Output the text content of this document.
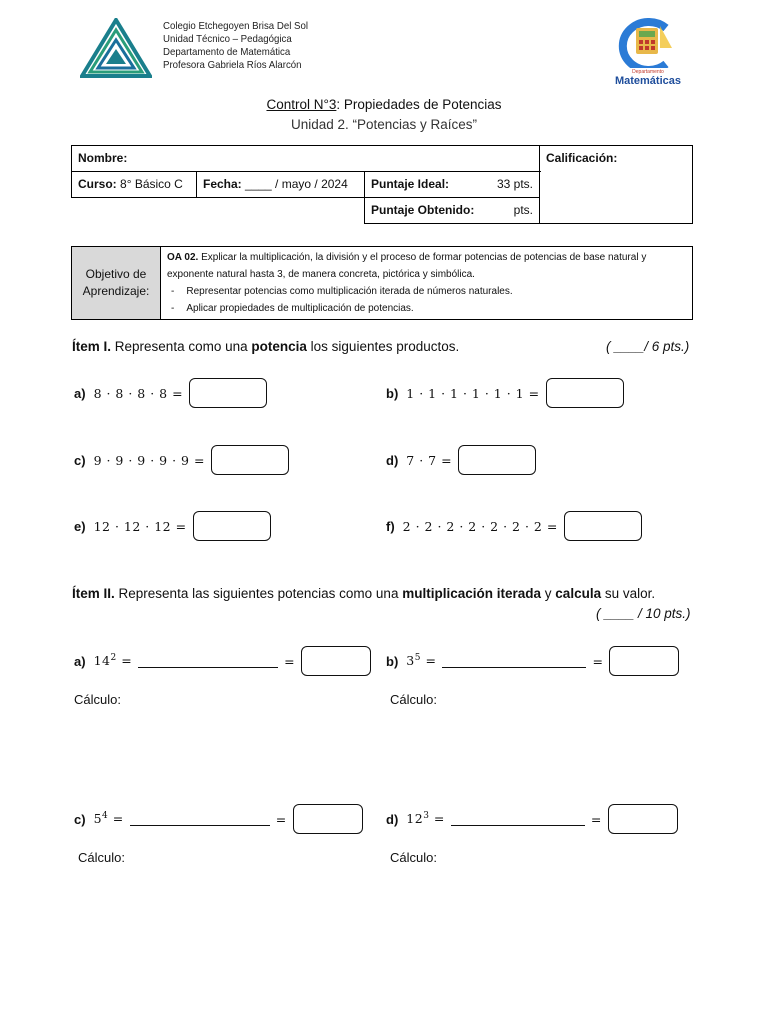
Colegio Etchegoyen Brisa Del Sol
Unidad Técnico – Pedagógica
Departamento de Matemática
Profesora Gabriela Ríos Alarcón
Departamento
Matemáticas
Control N°3: Propiedades de Potencias
Unidad 2. “Potencias y Raíces”
Nombre:			Calificación:
Curso: 8° Básico C	Fecha: ____ / mayo / 2024	Puntaje Ideal: 33 pts.	

		Puntaje Obtenido: pts.	
Objetivo de
Aprendizaje:

OA 02. Explicar la multiplicación, la división y el proceso de formar potencias de potencias de base natural y exponente natural hasta 3, de manera concreta, pictórica y simbólica.
- Representar potencias como multiplicación iterada de números naturales.
- Aplicar propiedades de multiplicación de potencias.
Ítem I. Representa como una potencia los siguientes productos.	( ____/ 6 pts.)
a) 8 · 8 · 8 · 8 =	b) 1 · 1 · 1 · 1 · 1 · 1 =
c) 9 · 9 · 9 · 9 · 9 =	d) 7 · 7 =
e) 12 · 12 · 12 =	f) 2 · 2 · 2 · 2 · 2 · 2 · 2 =
Ítem II. Representa las siguientes potencias como una multiplicación iterada y calcula su valor.
( ____ / 10 pts.)
a) $14^2$ =	=	b) $3^5$ =	=
Cálculo:	Cálculo:
c) $5^4$ =	=	d) $12^3$ =	=
Cálculo:	Cálculo:
